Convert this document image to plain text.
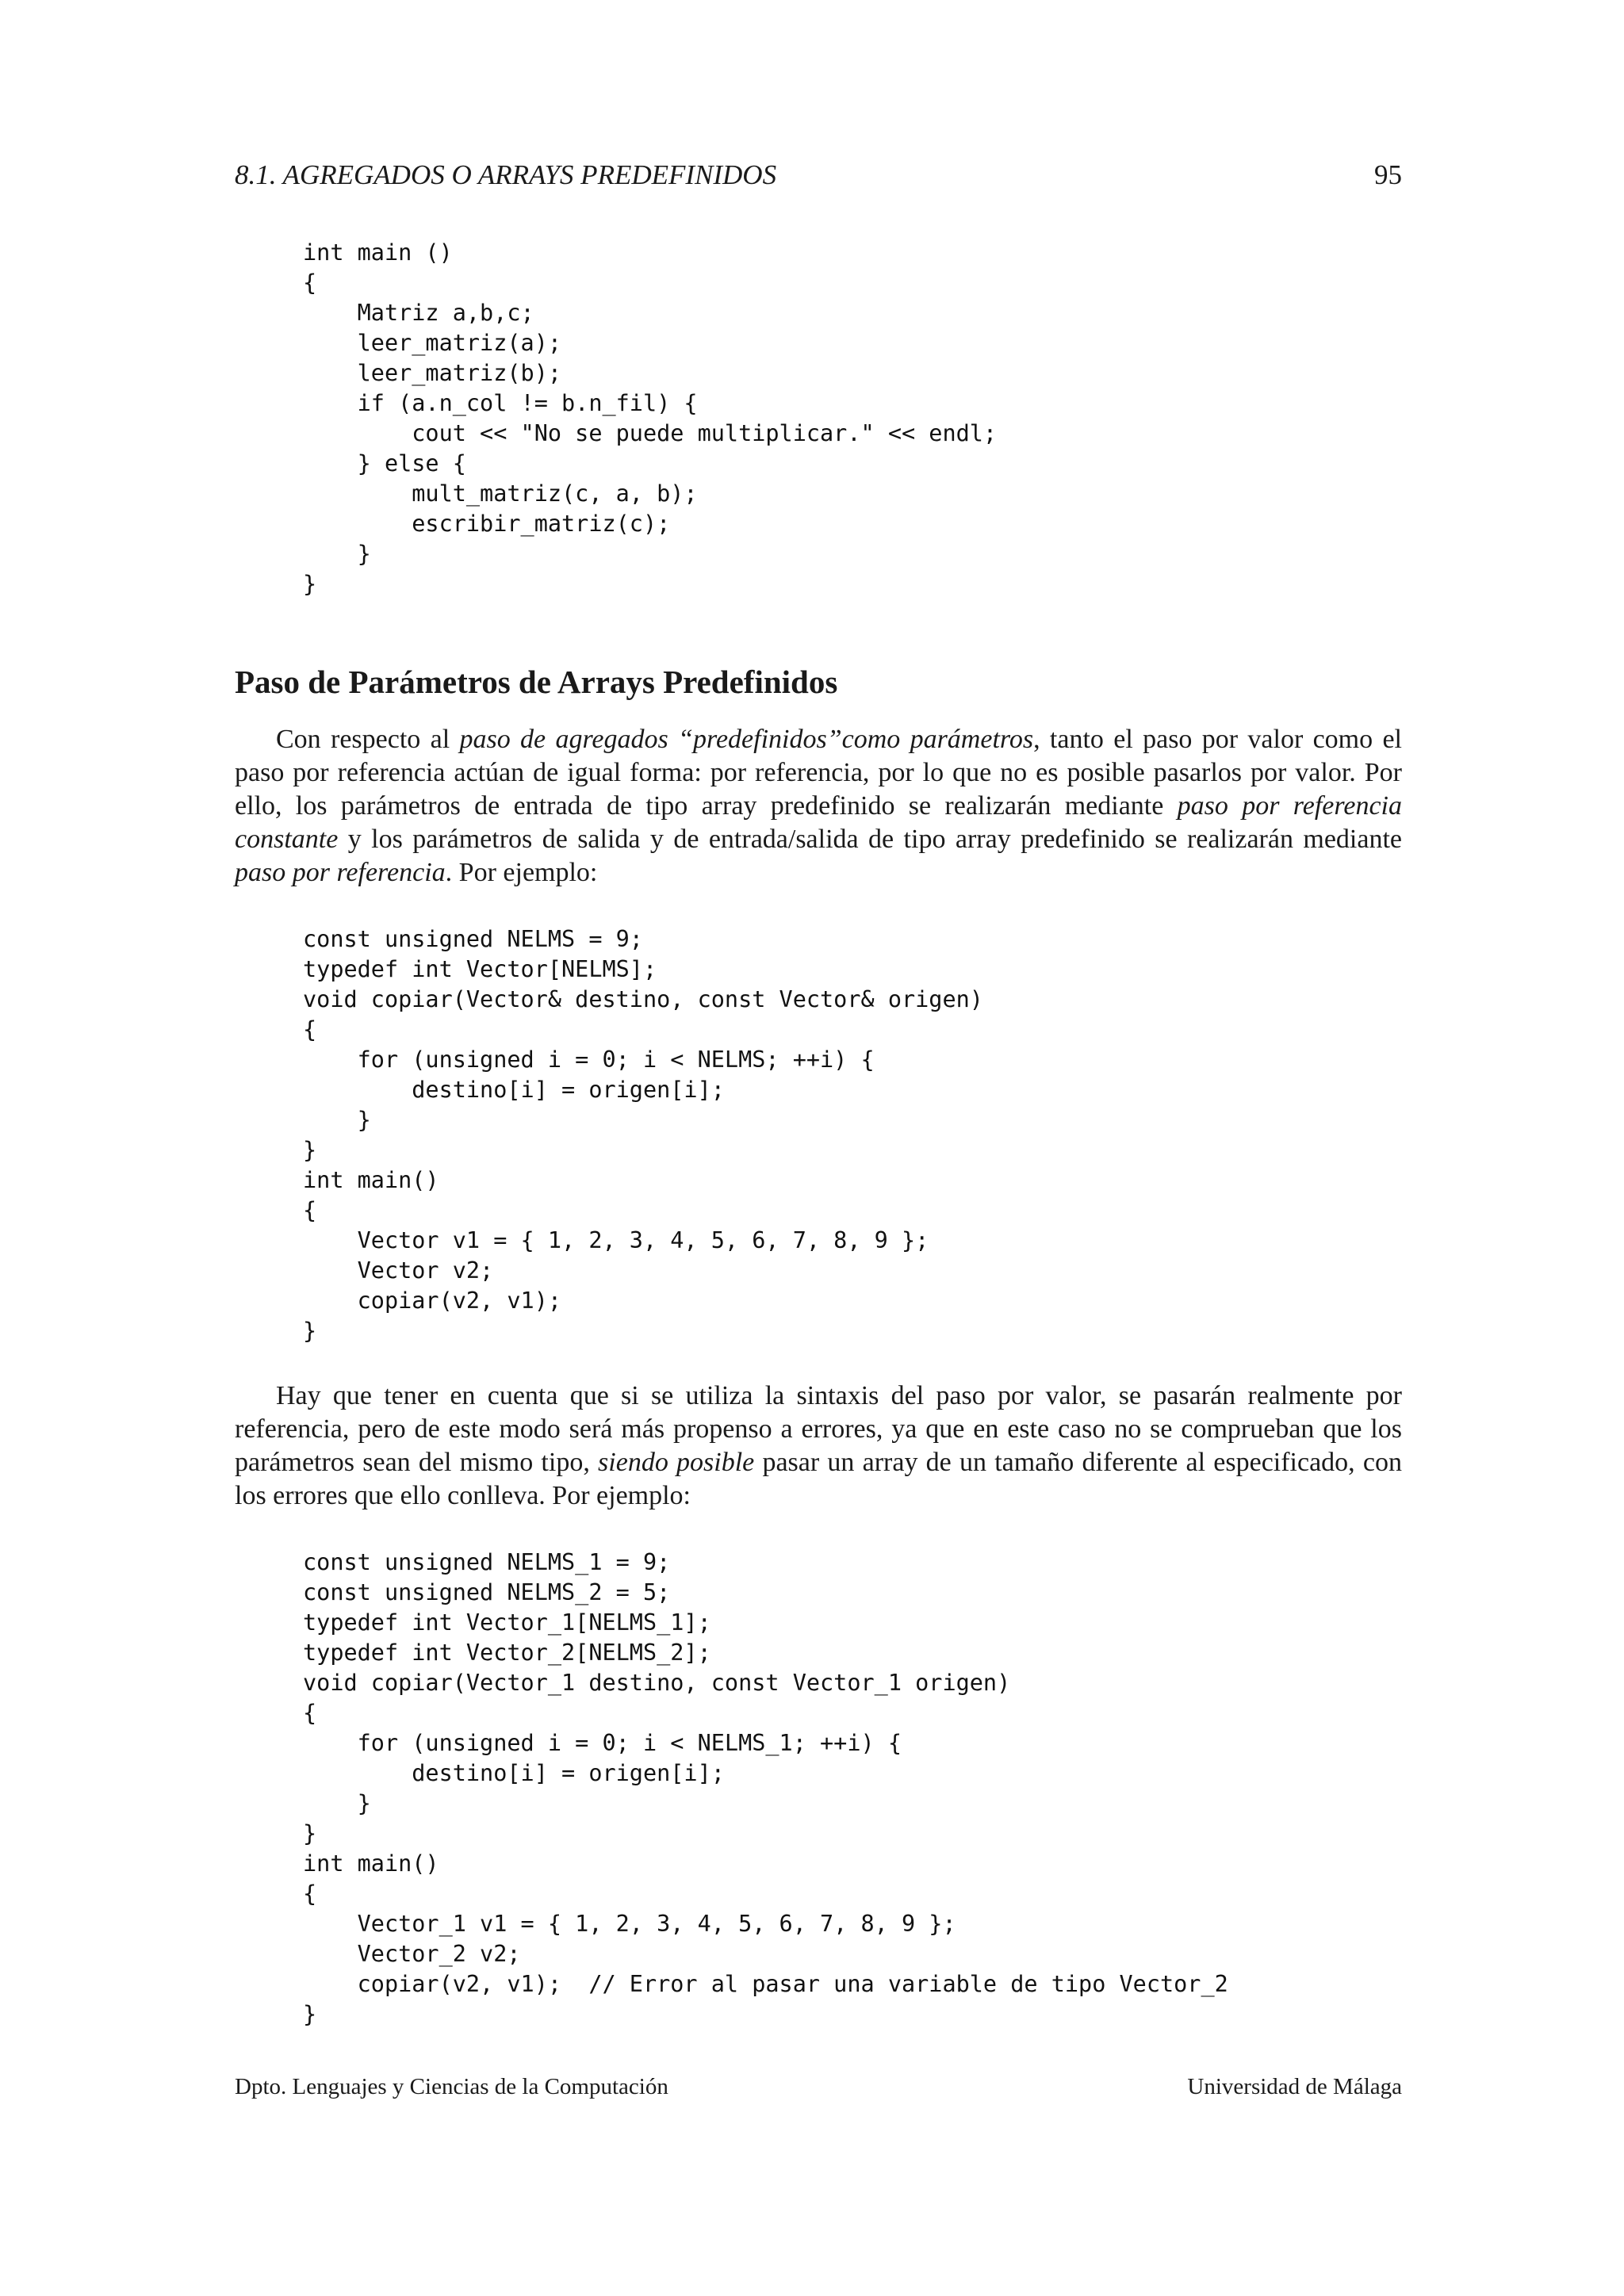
8.1. AGREGADOS O ARRAYS PREDEFINIDOS	95
int main ()
{
Matriz a,b,c;
leer_matriz(a);
leer_matriz(b);
if (a.n_col != b.n_fil) {
cout << "No se puede multiplicar." << endl;
} else {
mult_matriz(c, a, b);
escribir_matriz(c);
}
}
Paso de Parámetros de Arrays Predefinidos

Con respecto al paso de agregados “predefinidos”como parámetros, tanto el paso por valor como el paso por referencia actúan de igual forma: por referencia, por lo que no es posible pasarlos por valor. Por ello, los parámetros de entrada de tipo array predefinido se realizarán mediante paso por referencia constante y los parámetros de salida y de entrada/salida de tipo array predefinido se realizarán mediante paso por referencia. Por ejemplo:

const unsigned NELMS = 9;
typedef int Vector[NELMS];
void copiar(Vector& destino, const Vector& origen)
{
for (unsigned i = 0; i < NELMS; ++i) {
destino[i] = origen[i];
}
}
int main()
{
Vector v1 = { 1, 2, 3, 4, 5, 6, 7, 8, 9 };
Vector v2;
copiar(v2, v1);
}

Hay que tener en cuenta que si se utiliza la sintaxis del paso por valor, se pasarán realmente por referencia, pero de este modo será más propenso a errores, ya que en este caso no se comprueban que los parámetros sean del mismo tipo, siendo posible pasar un array de un tamaño diferente al especificado, con los errores que ello conlleva. Por ejemplo:

const unsigned NELMS_1 = 9;
const unsigned NELMS_2 = 5;
typedef int Vector_1[NELMS_1];
typedef int Vector_2[NELMS_2];
void copiar(Vector_1 destino, const Vector_1 origen)
{
for (unsigned i = 0; i < NELMS_1; ++i) {
destino[i] = origen[i];
}
}
int main()
{
Vector_1 v1 = { 1, 2, 3, 4, 5, 6, 7, 8, 9 };
Vector_2 v2;
copiar(v2, v1);  // Error al pasar una variable de tipo Vector_2
}
Dpto. Lenguajes y Ciencias de la Computación	Universidad de Málaga
